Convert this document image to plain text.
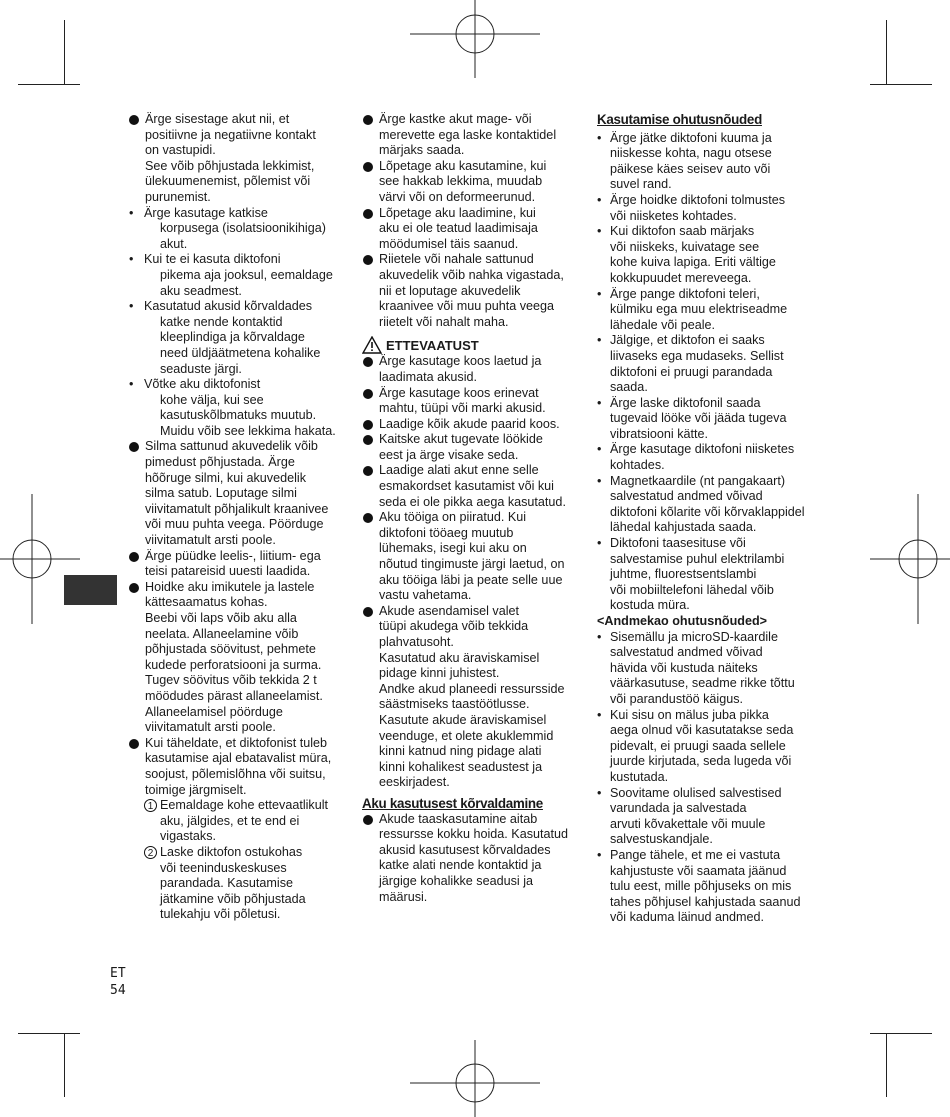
Ärge sisestage akut nii, et

positiivne ja negatiivne kontakt

on vastupidi.

See võib põhjustada lekkimist,

ülekuumenemist, põlemist või

purunemist.

• Ärge kasutage katkise

korpusega (isolatsioonikihiga)

akut.

• Kui te ei kasuta diktofoni

pikema aja jooksul, eemaldage

aku seadmest.

• Kasutatud akusid kõrvaldades

katke nende kontaktid

kleeplindiga ja kõrvaldage

need üldjäätmetena kohalike

seaduste järgi.

• Võtke aku diktofonist

kohe välja, kui see

kasutuskõlbmatuks muutub.

Muidu võib see lekkima hakata.

Silma sattunud akuvedelik võib

pimedust põhjustada. Ärge

hõõruge silmi, kui akuvedelik

silma satub. Loputage silmi

viivitamatult põhjalikult kraanivee

või muu puhta veega. Pöörduge

viivitamatult arsti poole.

Ärge püüdke leelis-, liitium- ega

teisi patareisid uuesti laadida.

Hoidke aku imikutele ja lastele

kättesaamatus kohas.

Beebi või laps võib aku alla

neelata. Allaneelamine võib

põhjustada söövitust, pehmete

kudede perforatsiooni ja surma.

Tugev söövitus võib tekkida 2 t

möödudes pärast allaneelamist.

Allaneelamisel pöörduge

viivitamatult arsti poole.

Kui täheldate, et diktofonist tuleb

kasutamise ajal ebatavalist müra,

soojust, põlemislõhna või suitsu,

toimige järgmiselt.

1 Eemaldage kohe ettevaatlikult

aku, jälgides, et te end ei

vigastaks.

2 Laske diktofon ostukohas

või teeninduskeskuses

parandada. Kasutamise

jätkamine võib põhjustada

tulekahju või põletusi.

Ärge kastke akut mage- või

merevette ega laske kontaktidel

märjaks saada.

Lõpetage aku kasutamine, kui

see hakkab lekkima, muudab

värvi või on deformeerunud.

Lõpetage aku laadimine, kui

aku ei ole teatud laadimisaja

möödumisel täis saanud.

Riietele või nahale sattunud

akuvedelik võib nahka vigastada,

nii et loputage akuvedelik

kraanivee või muu puhta veega

riietelt või nahalt maha.

ETTEVAATUST

Ärge kasutage koos laetud ja

laadimata akusid.

Ärge kasutage koos erinevat

mahtu, tüüpi või marki akusid.

Laadige kõik akude paarid koos.

Kaitske akut tugevate löökide

eest ja ärge visake seda.

Laadige alati akut enne selle

esmakordset kasutamist või kui

seda ei ole pikka aega kasutatud.

Aku tööiga on piiratud. Kui

diktofoni tööaeg muutub

lühemaks, isegi kui aku on

nõutud tingimuste järgi laetud, on

aku tööiga läbi ja peate selle uue

vastu vahetama.

Akude asendamisel valet

tüüpi akudega võib tekkida

plahvatusoht.

Kasutatud aku äraviskamisel

pidage kinni juhistest.

Andke akud planeedi ressursside

säästmiseks taastöötlusse.

Kasutute akude äraviskamisel

veenduge, et olete akuklemmid

kinni katnud ning pidage alati

kinni kohalikest seadustest ja

eeskirjadest.

Aku kasutusest kõrvaldamine

Akude taaskasutamine aitab

ressursse kokku hoida. Kasutatud

akusid kasutusest kõrvaldades

katke alati nende kontaktid ja

järgige kohalikke seadusi ja

määrusi.

Kasutamise ohutusnõuded

• Ärge jätke diktofoni kuuma ja

niiskesse kohta, nagu otsese

päikese käes seisev auto või

suvel rand.

• Ärge hoidke diktofoni tolmustes

või niisketes kohtades.

• Kui diktofon saab märjaks

või niiskeks, kuivatage see

kohe kuiva lapiga. Eriti vältige

kokkupuudet mereveega.

• Ärge pange diktofoni teleri,

külmiku ega muu elektriseadme

lähedale või peale.

• Jälgige, et diktofon ei saaks

liivaseks ega mudaseks. Sellist

diktofoni ei pruugi parandada

saada.

• Ärge laske diktofonil saada

tugevaid lööke või jääda tugeva

vibratsiooni kätte.

• Ärge kasutage diktofoni niisketes

kohtades.

• Magnetkaardile (nt pangakaart)

salvestatud andmed võivad

diktofoni kõlarite või kõrvaklappidel

lähedal kahjustada saada.

• Diktofoni taasesituse või

salvestamise puhul elektrilambi

juhtme, fluorestsentslambi

või mobiiltelefoni lähedal võib

kostuda müra.

<Andmekao ohutusnõuded>

• Sisemällu ja microSD-kaardile

salvestatud andmed võivad

hävida või kustuda näiteks

väärkasutuse, seadme rikke tõttu

või parandustöö käigus.

• Kui sisu on mälus juba pikka

aega olnud või kasutatakse seda

pidevalt, ei pruugi saada sellele

juurde kirjutada, seda lugeda või

kustutada.

• Soovitame olulised salvestised

varundada ja salvestada

arvuti kõvakettale või muule

salvestuskandjale.

• Pange tähele, et me ei vastuta

kahjustuste või saamata jäänud

tulu eest, mille põhjuseks on mis

tahes põhjusel kahjustada saanud

või kaduma läinud andmed.

ET
54
